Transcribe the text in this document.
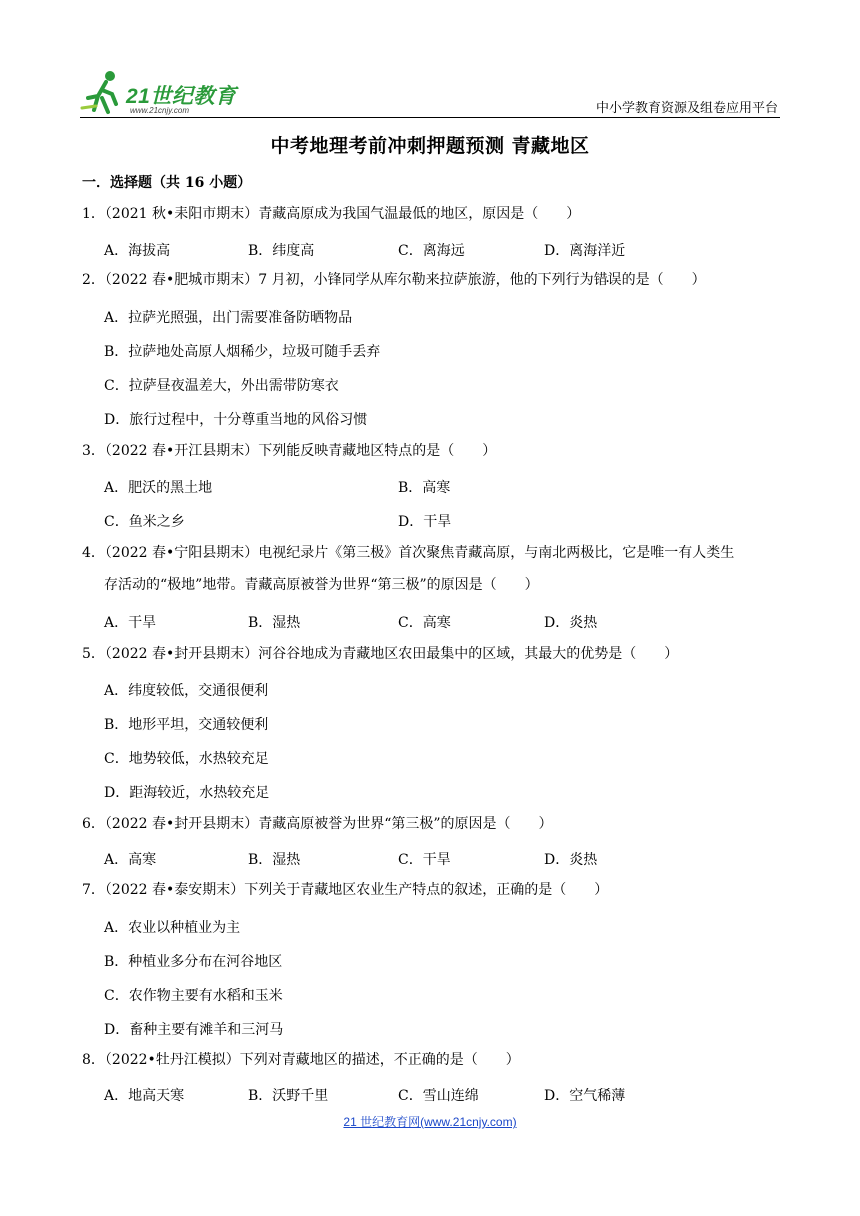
21世纪教育
www.21cnjy.com	中小学教育资源及组卷应用平台
中考地理考前冲刺押题预测 青藏地区
一．选择题（共 16 小题）
1．（2021 秋•耒阳市期末）青藏高原成为我国气温最低的地区，原因是（　　）
A．海拔高	B．纬度高	C．离海远	D．离海洋近
2．（2022 春•肥城市期末）7 月初，小锋同学从库尔勒来拉萨旅游，他的下列行为错误 ·的是（　　）
A．拉萨光照强，出门需要准备防晒物品
B．拉萨地处高原人烟稀少，垃圾可随手丢弃
C．拉萨昼夜温差大，外出需带防寒衣
D．旅行过程中，十分尊重当地的风俗习惯
3．（2022 春•开江县期末）下列能反映青藏地区特点的是（　　）
A．肥沃的黑土地	B．高寒
C．鱼米之乡	D．干旱
4．（2022 春•宁阳县期末）电视纪录片《第三极》首次聚焦青藏高原，与南北两极比，它是唯一有人类生
存活动的“极地”地带。青藏高原被誉为世界“第三极”的原因是（　　）
A．干旱	B．湿热	C．高寒	D．炎热
5．（2022 春•封开县期末）河谷谷地成为青藏地区农田最集中的区域，其最大的优势是（　　）
A．纬度较低，交通很便利
B．地形平坦，交通较便利
C．地势较低，水热较充足
D．距海较近，水热较充足
6．（2022 春•封开县期末）青藏高原被誉为世界“第三极”的原因是（　　）
A．高寒	B．湿热	C．干旱	D．炎热
7．（2022 春•泰安期末）下列关于青藏地区农业生产特点的叙述，正确的是（　　）
A．农业以种植业为主
B．种植业多分布在河谷地区
C．农作物主要有水稻和玉米
D．畜种主要有滩羊和三河马
8．（2022•牡丹江模拟）下列对青藏地区的描述，不正确的是（　　）
A．地高天寒	B．沃野千里	C．雪山连绵	D．空气稀薄
21 世纪教育网(www.21cnjy.com)
